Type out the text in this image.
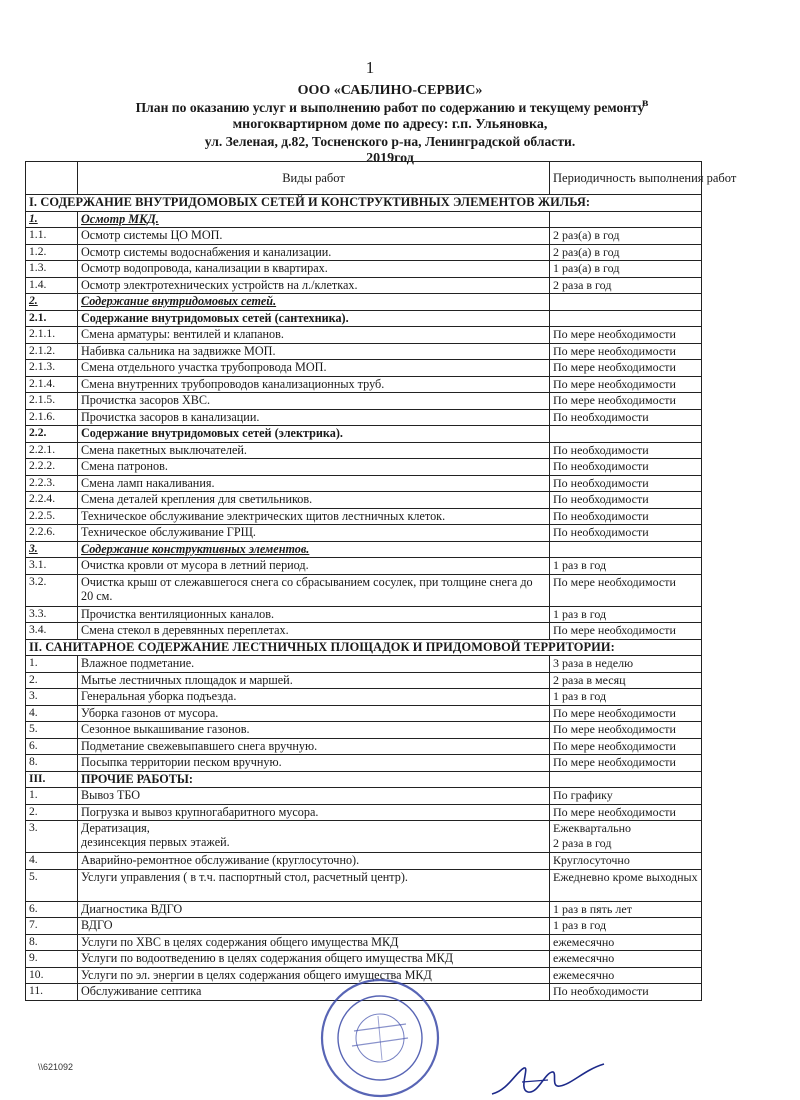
1
ООО «САБЛИНО-СЕРВИС»
План по оказанию услуг и выполнению работ по содержанию и текущему ремонту
в
многоквартирном доме по адресу: г.п. Ульяновка,
ул. Зеленая, д.82, Тосненского р-на, Ленинградской области.
2019год
	Виды работ	Периодичность выполнения работ
I. СОДЕРЖАНИЕ ВНУТРИДОМОВЫХ СЕТЕЙ И КОНСТРУКТИВНЫХ ЭЛЕМЕНТОВ ЖИЛЬЯ:		
1.	Осмотр МКД.	
1.1.	Осмотр системы ЦО МОП.	2 раз(а) в год
1.2.	Осмотр системы водоснабжения и канализации.	2 раз(а) в год
1.3.	Осмотр водопровода, канализации в квартирах.	1 раз(а) в год
1.4.	Осмотр электротехнических устройств на л./клетках.	2 раза в год
2.	Содержание внутридомовых сетей.	
2.1.	Содержание внутридомовых сетей (сантехника).	
2.1.1.	Смена арматуры: вентилей и клапанов.	По мере необходимости
2.1.2.	Набивка сальника на задвижке МОП.	По мере необходимости
2.1.3.	Смена отдельного участка трубопровода МОП.	По мере необходимости
2.1.4.	Смена внутренних трубопроводов канализационных труб.	По мере необходимости
2.1.5.	Прочистка засоров ХВС.	По мере необходимости
2.1.6.	Прочистка засоров в канализации.	По необходимости
2.2.	Содержание внутридомовых сетей (электрика).	
2.2.1.	Смена пакетных выключателей.	По необходимости
2.2.2.	Смена патронов.	По необходимости
2.2.3.	Смена ламп накаливания.	По необходимости
2.2.4.	Смена деталей крепления для светильников.	По необходимости
2.2.5.	Техническое обслуживание электрических щитов лестничных клеток.	По необходимости
2.2.6.	Техническое обслуживание ГРЩ.	По необходимости
3.	Содержание конструктивных элементов.	
3.1.	Очистка кровли от мусора в летний период.	1 раз в год
3.2.	Очистка крыш от слежавшегося снега со сбрасыванием сосулек, при толщине снега до 20 см.	По мере необходимости
3.3.	Прочистка вентиляционных каналов.	1 раз в год
3.4.	Смена стекол в деревянных переплетах.	По мере необходимости
II. САНИТАРНОЕ СОДЕРЖАНИЕ ЛЕСТНИЧНЫХ ПЛОЩАДОК И ПРИДОМОВОЙ ТЕРРИТОРИИ:		
1.	Влажное подметание.	3 раза в неделю
2.	Мытье лестничных площадок и маршей.	2 раза в месяц
3.	Генеральная уборка подъезда.	1 раз в год
4.	Уборка газонов от мусора.	По мере необходимости
5.	Сезонное выкашивание газонов.	По мере необходимости
6.	Подметание свежевыпавшего снега вручную.	По мере необходимости
8.	Посыпка территории песком вручную.	По мере необходимости
III.	ПРОЧИЕ РАБОТЫ:	
1.	Вывоз ТБО	По графику
2.	Погрузка и вывоз крупногабаритного мусора.	По мере необходимости
3.	Дератизация,
дезинсекция первых этажей.	Ежеквартально
2 раза в год
4.	Аварийно-ремонтное обслуживание (круглосуточно).	Круглосуточно
5.	Услуги управления ( в т.ч. паспортный стол, расчетный центр).	Ежедневно кроме выходных
6.	Диагностика ВДГО	1 раз в пять лет
7.	ВДГО	1 раз в год
8.	Услуги по ХВС в целях содержания общего имущества МКД	ежемесячно
9.	Услуги по водоотведению в целях содержания общего имущества МКД	ежемесячно
10.	Услуги по эл. энергии в целях содержания общего имущества МКД	ежемесячно
11.	Обслуживание септика	По необходимости
\\621092
